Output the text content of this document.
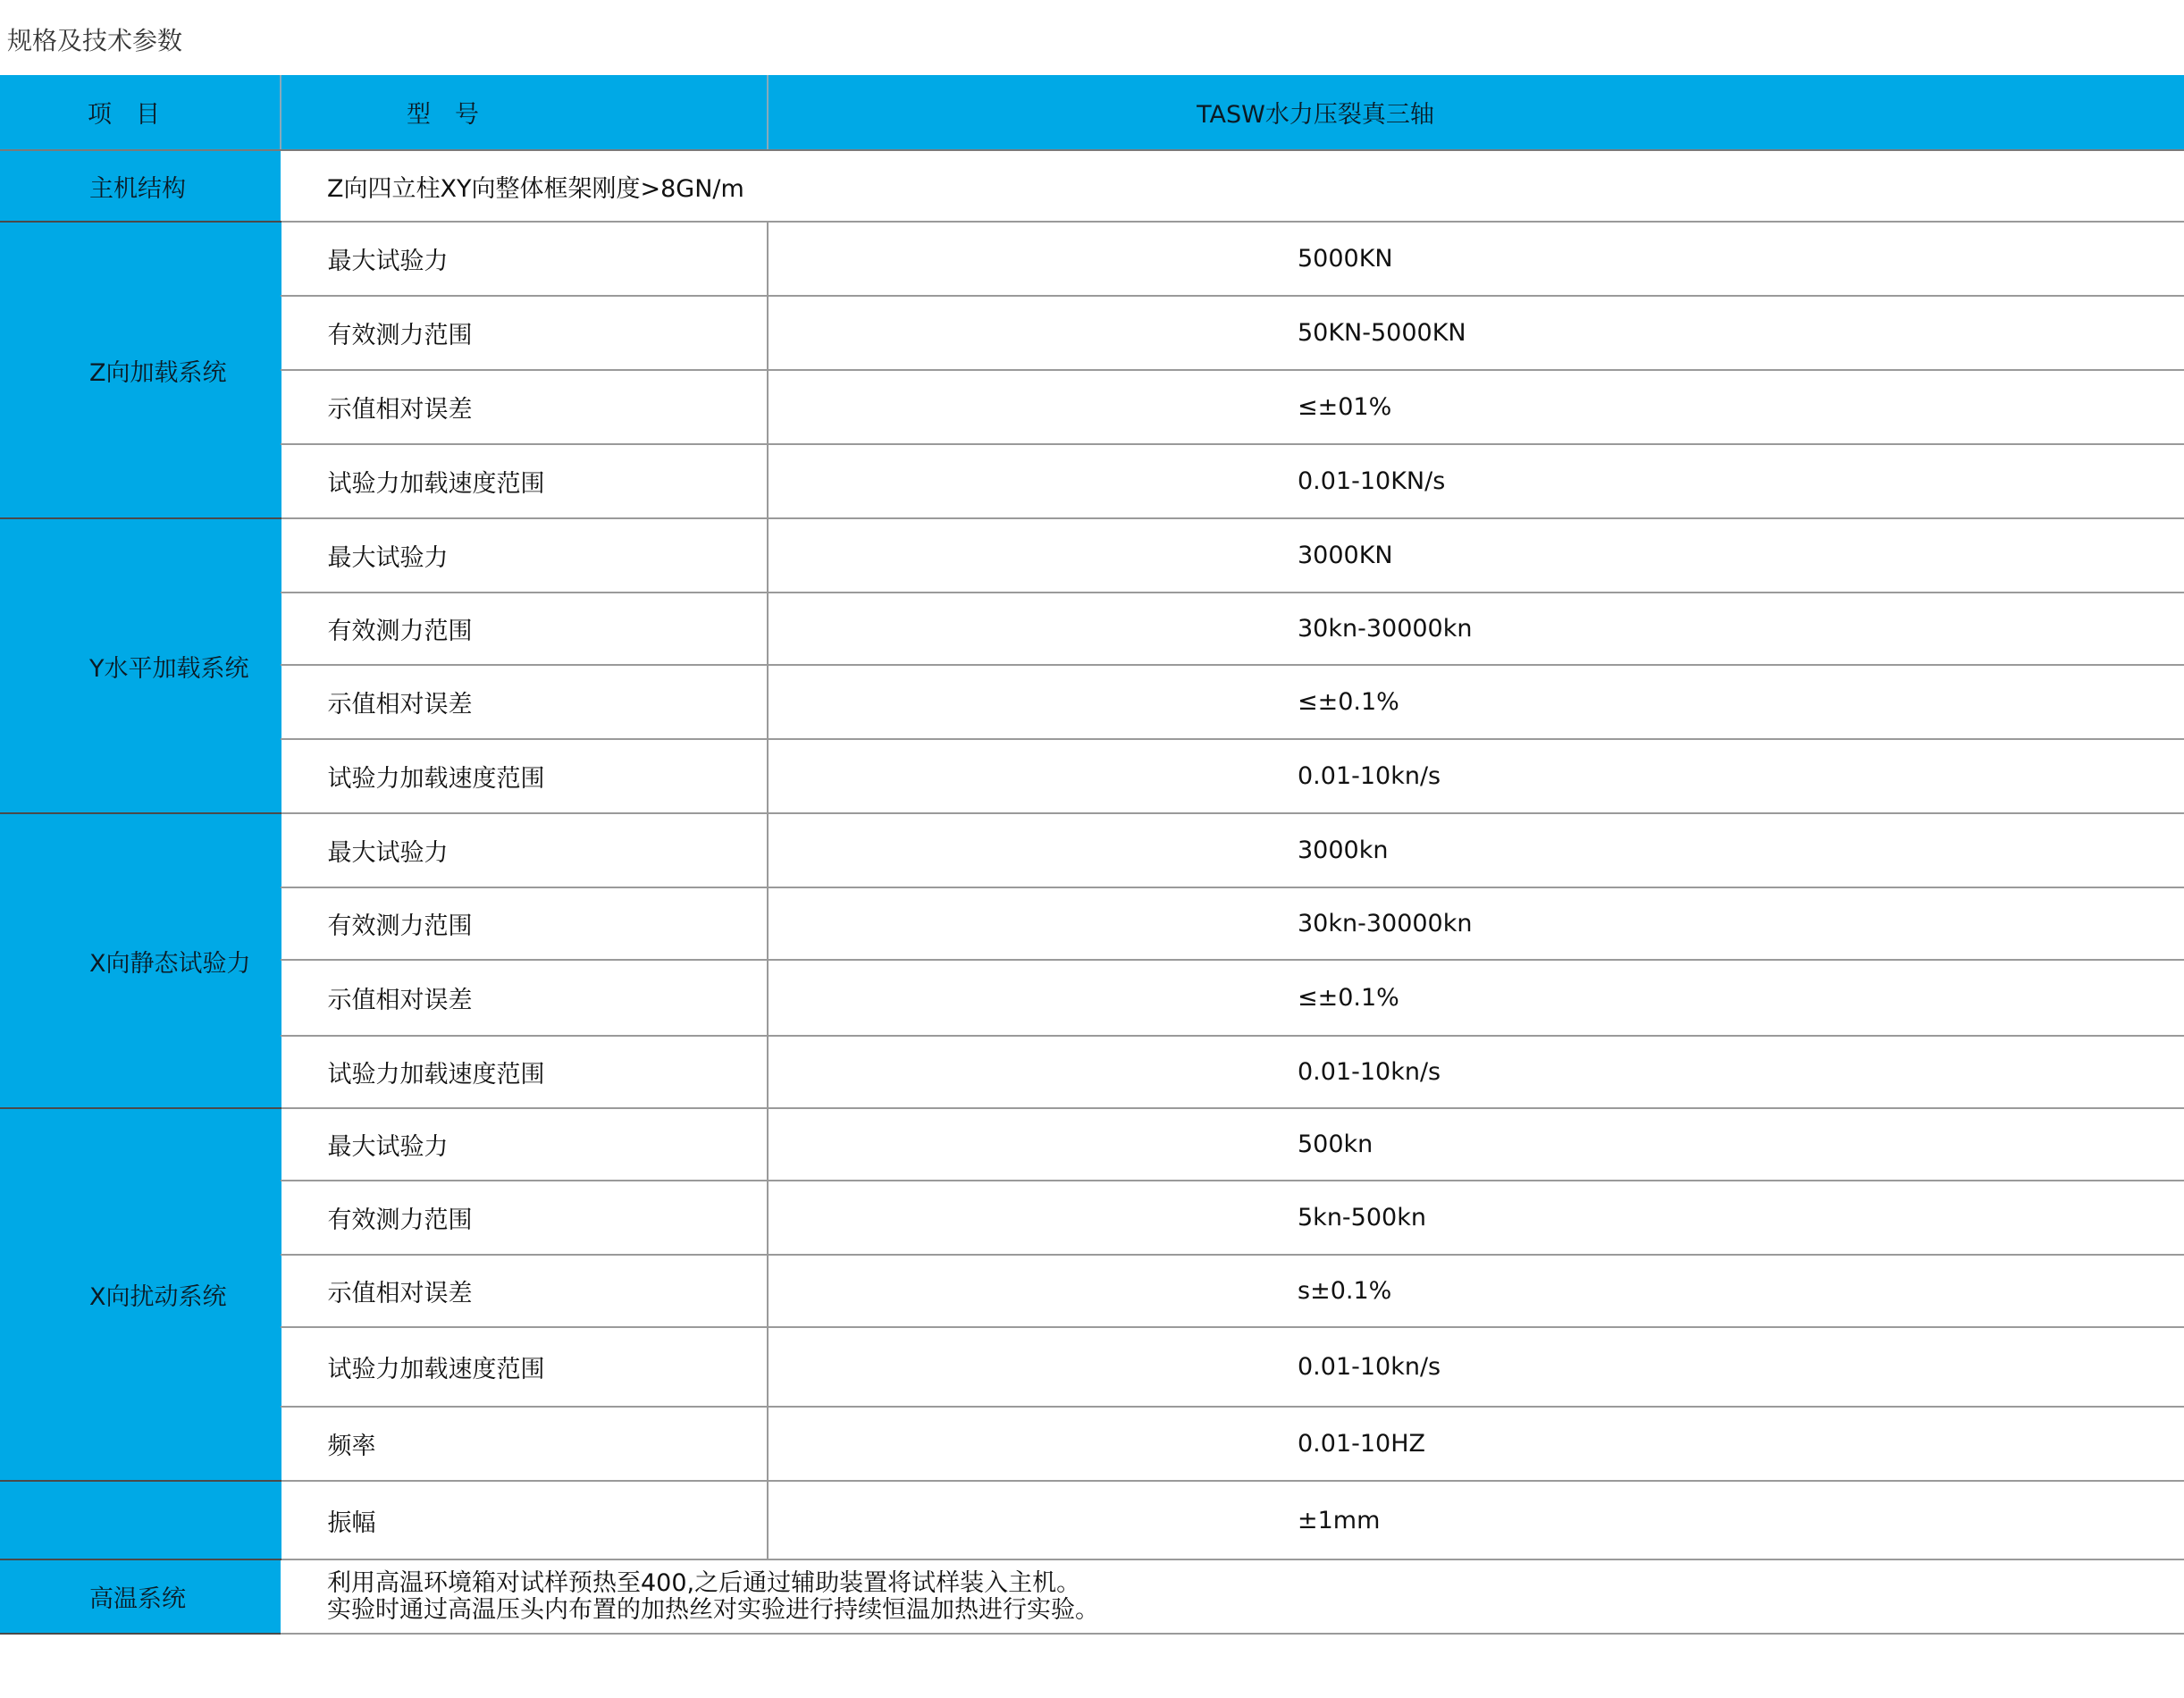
规格及技术参数
项　目	型　号	TASW水力压裂真三轴
主机结构	Z向四立柱XY向整体框架刚度>8GN/m	
Z向加载系统	最大试验力	5000KN
	有效测力范围	50KN-5000KN
	示值相对误差	≤±01%
	试验力加载速度范围	0.01-10KN/s
Y水平加载系统	最大试验力	3000KN
	有效测力范围	30kn-30000kn
	示值相对误差	≤±0.1%
	试验力加载速度范围	0.01-10kn/s
X向静态试验力	最大试验力	3000kn
	有效测力范围	30kn-30000kn
	示值相对误差	≤±0.1%
	试验力加载速度范围	0.01-10kn/s
X向扰动系统	最大试验力	500kn
	有效测力范围	5kn-500kn
	示值相对误差	s±0.1%
	试验力加载速度范围	0.01-10kn/s
	频率	0.01-10HZ
	振幅	±1mm
高温系统	利用高温环境箱对试样预热至400,之后通过辅助装置将试样装入主机。
实验时通过高温压头内布置的加热丝对实验进行持续恒温加热进行实验。	
